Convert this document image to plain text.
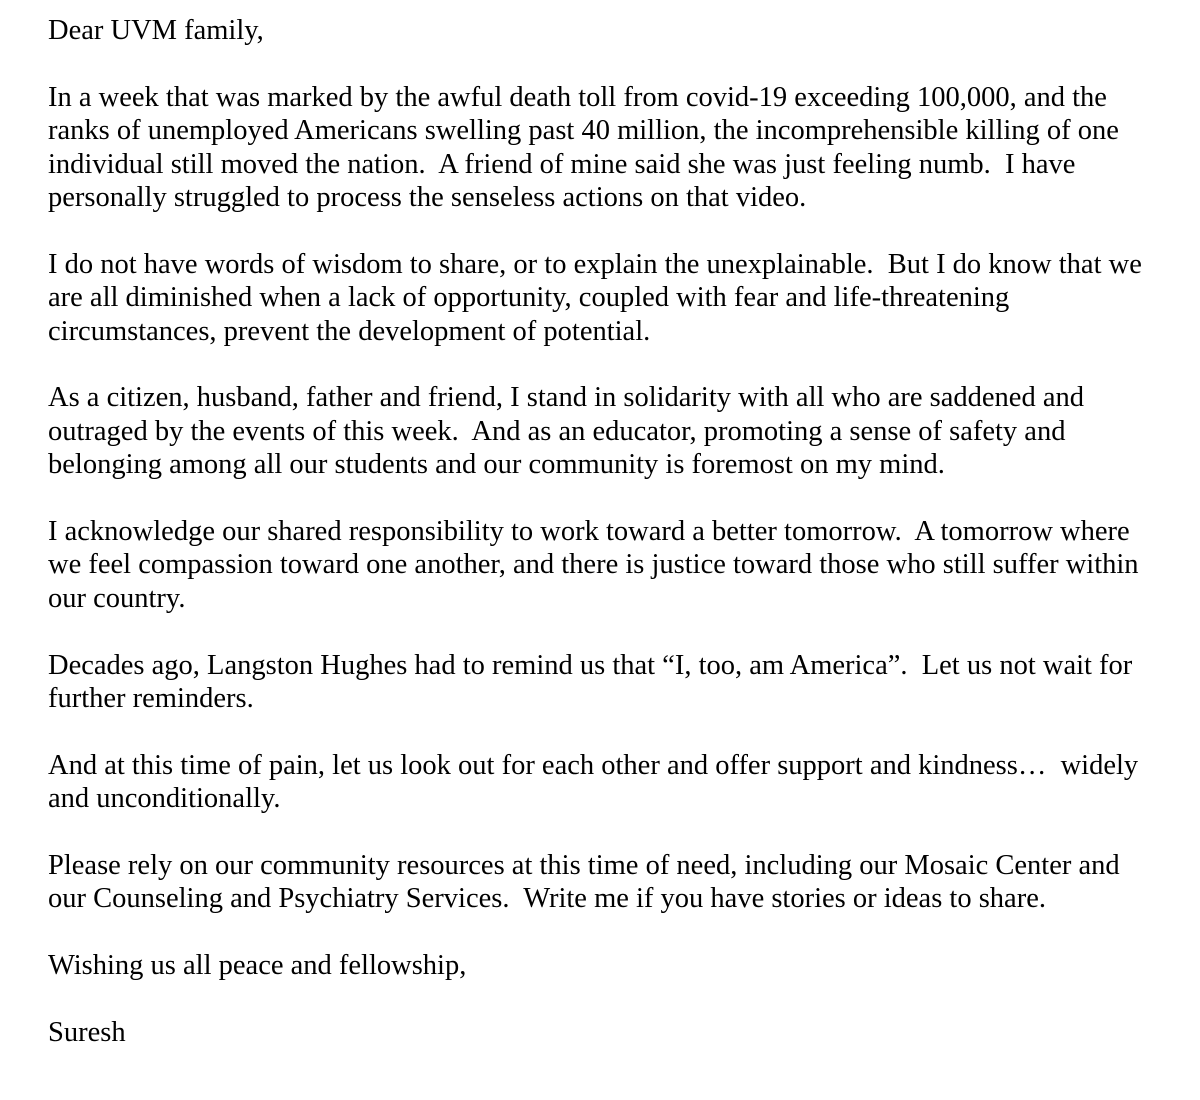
Dear UVM family,

In a week that was marked by the awful death toll from covid-19 exceeding 100,000, and the
ranks of unemployed Americans swelling past 40 million, the incomprehensible killing of one
individual still moved the nation.  A friend of mine said she was just feeling numb.  I have
personally struggled to process the senseless actions on that video.

I do not have words of wisdom to share, or to explain the unexplainable.  But I do know that we
are all diminished when a lack of opportunity, coupled with fear and life-threatening
circumstances, prevent the development of potential.

As a citizen, husband, father and friend, I stand in solidarity with all who are saddened and
outraged by the events of this week.  And as an educator, promoting a sense of safety and
belonging among all our students and our community is foremost on my mind.

I acknowledge our shared responsibility to work toward a better tomorrow.  A tomorrow where
we feel compassion toward one another, and there is justice toward those who still suffer within
our country.

Decades ago, Langston Hughes had to remind us that “I, too, am America”.  Let us not wait for
further reminders.

And at this time of pain, let us look out for each other and offer support and kindness…  widely
and unconditionally.

Please rely on our community resources at this time of need, including our Mosaic Center and
our Counseling and Psychiatry Services.  Write me if you have stories or ideas to share.

Wishing us all peace and fellowship,

Suresh
